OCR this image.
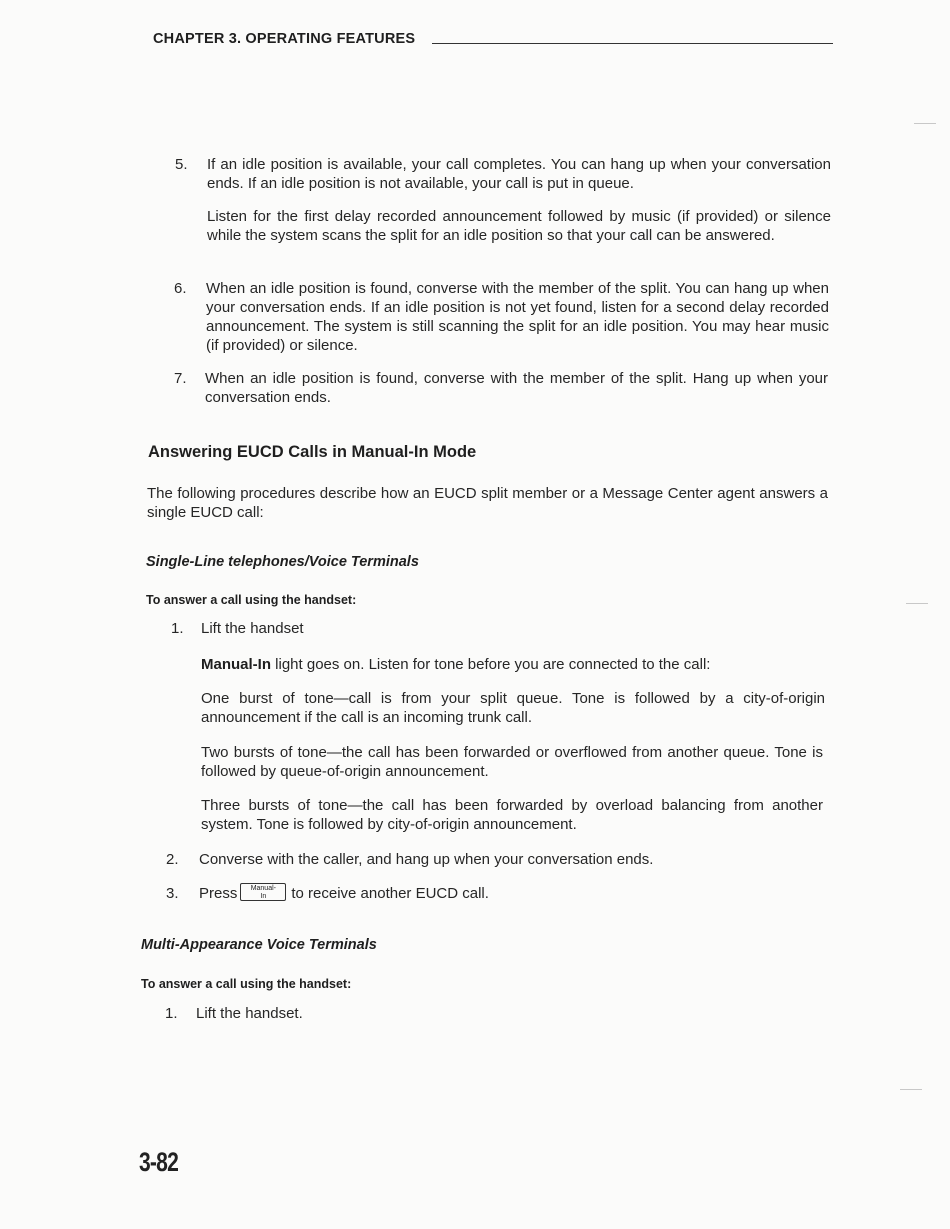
CHAPTER 3. OPERATING FEATURES
5. If an idle position is available, your call completes. You can hang up when your conversation ends. If an idle position is not available, your call is put in queue.
Listen for the first delay recorded announcement followed by music (if provided) or silence while the system scans the split for an idle position so that your call can be answered.
6. When an idle position is found, converse with the member of the split. You can hang up when your conversation ends. If an idle position is not yet found, listen for a second delay recorded announcement. The system is still scanning the split for an idle position. You may hear music (if provided) or silence.
7. When an idle position is found, converse with the member of the split. Hang up when your conversation ends.
Answering EUCD Calls in Manual-In Mode
The following procedures describe how an EUCD split member or a Message Center agent answers a single EUCD call:
Single-Line telephones/Voice Terminals
To answer a call using the handset:
1. Lift the handset
Manual-In light goes on. Listen for tone before you are connected to the call:
One burst of tone—call is from your split queue. Tone is followed by a city-of-origin announcement if the call is an incoming trunk call.
Two bursts of tone—the call has been forwarded or overflowed from another queue. Tone is followed by queue-of-origin announcement.
Three bursts of tone—the call has been forwarded by overload balancing from another system. Tone is followed by city-of-origin announcement.
2. Converse with the caller, and hang up when your conversation ends.
3. Press	Manual-
In	to receive another EUCD call.
Multi-Appearance Voice Terminals
To answer a call using the handset:
1. Lift the handset.
3-82
